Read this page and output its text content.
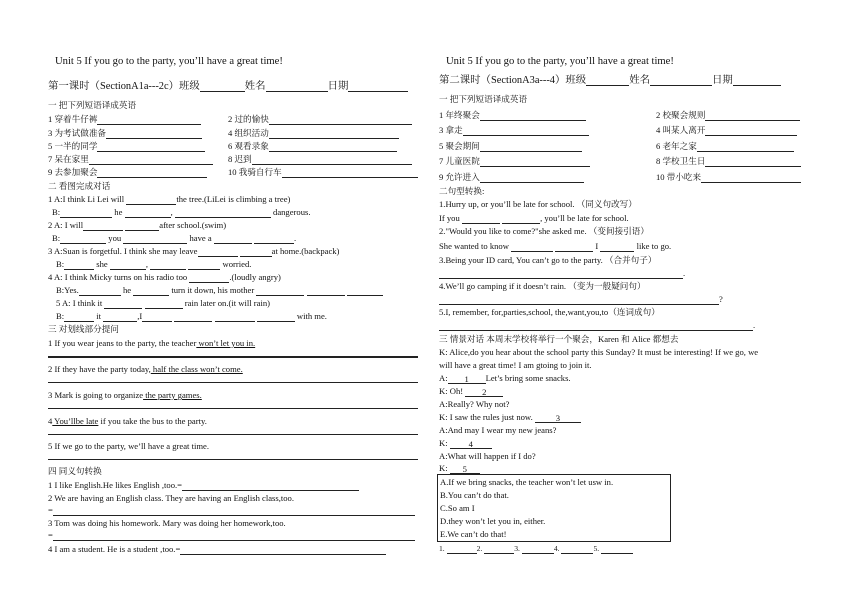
Unit 5 If you go to the party, you’ll have a great time!
第一课时（SectionA1a---2c）班级	姓名	日期
一 把下列短语译成英语
1 穿着牛仔裤	2 过的愉快
3 为考试做准备	4 组织活动
5 一半的同学	6 观看录象
7 呆在家里	8 迟到
9 去参加聚会	10 我骑自行车
二 看图完成对话
1 A:I think Li Lei will	the tree.(LiLei is climbing a tree)
B:	he	,	dangerous.
2 A: I will	after school.(swim)
B:	you	have a	.
3 A:Suan is forgetful. I think she may leave	at home.(backpack)
B:	she	,	worried.
4 A: I think Micky turns on his radio too	.(loudly angry)
B:Yes.	he	turn it down, his mother
5 A: I think it	rain later on.(it will rain)
B:	it	,I	with me.
三 对划线部分提问
1 If you wear jeans to the party, the teacher won’t let you in.
2 If they have the party today, half the class won’t come.
3 Mark is going to organize the party games.
4 You’llbe late if you take the bus to the party.
5 If we go to the party, we’ll have a great time.
四 同义句转换
1 I like English.He likes English ,too.=
2 We are having an English class. They are having an English class,too.
=
3 Tom was doing his homework. Mary was doing her homework,too.
=
4 I am a student. He is a student ,too.=
Unit 5 If you go to the party, you’ll have a great time!
第二课时（SectionA3a---4）班级	姓名	日期
一 把下列短语译成英语
1 年终聚会	2 校聚会规则
3 拿走	4 叫某人离开
5 聚会期间	6 老年之家
7 儿童医院	8 学校卫生日
9 允许进入	10 带小吃来
二句型转换:
1.Hurry up, or you’ll be late for school. （同义句改写）
If you	, you’ll be late for school.
2."Would you like to come?"she asked me. （变间接引语）
She wanted to know	I	like to go.
3.Being your ID card, You can’t go to the party. （合并句子）
.
4.We’ll go camping if it doesn’t rain. （变为一般疑问句）
?
5.I, remember, for,parties,school, the,want,you,to（连词成句）
.
三 情景对话 本周末学校将举行一个聚会，Karen 和 Alice 都想去
K: Alice,do you hear about the school party this Sunday? It must be interesting! If we go, we
will have a great time! I am gtoing to join it.
A: 1 Let’s bring some snacks.
K: Oh! 2
A:Really? Why not?
K: I saw the rules just now.	3
A:And may I wear my new jeans?
K: 4
A:What will happen if I do?
K: 5
A.If we bring snacks, the teacher won’t let usw in.
B.You can’t do that.
C.So am I
D.they won’t let you in, either.
E.We can’t do that!
1.	2.	3.	4.	5.
